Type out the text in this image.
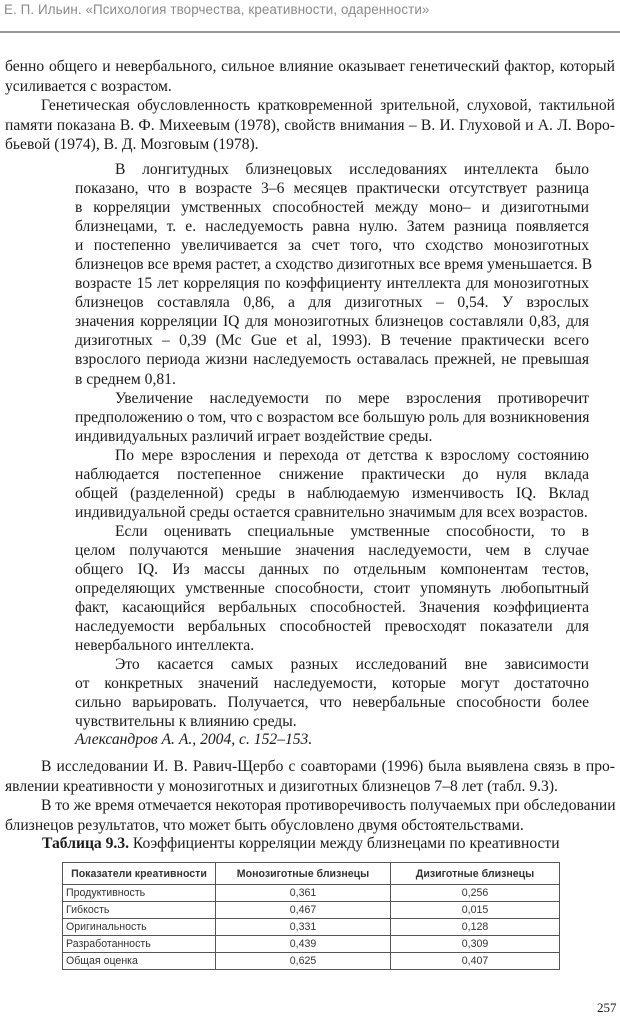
Е. П. Ильин. «Психология творчества, креативности, одаренности»
бенно общего и невербального, сильное влияние оказывает генетический фактор, который
усиливается с возрастом.
Генетическая обусловленность кратковременной зрительной, слуховой, тактильной
памяти показана В. Ф. Михеевым (1978), свойств внимания – В. И. Глуховой и А. Л. Воро-
бьевой (1974), В. Д. Мозговым (1978).
В лонгитудных близнецовых исследованиях интеллекта было
показано, что в возрасте 3–6 месяцев практически отсутствует разница
в корреляции умственных способностей между моно– и дизиготными
близнецами, т. е. наследуемость равна нулю. Затем разница появляется
и постепенно увеличивается за счет того, что сходство монозиготных
близнецов все время растет, а сходство дизиготных все время уменьшается. В
возрасте 15 лет корреляция по коэффициенту интеллекта для монозиготных
близнецов составляла 0,86, а для дизиготных – 0,54. У взрослых
значения корреляции IQ для монозиготных близнецов составляли 0,83, для
дизиготных – 0,39 (Mc Gue et al, 1993). В течение практически всего
взрослого периода жизни наследуемость оставалась прежней, не превышая
в среднем 0,81.
Увеличение наследуемости по мере взросления противоречит
предположению о том, что с возрастом все большую роль для возникновения
индивидуальных различий играет воздействие среды.
По мере взросления и перехода от детства к взрослому состоянию
наблюдается постепенное снижение практически до нуля вклада
общей (разделенной) среды в наблюдаемую изменчивость IQ. Вклад
индивидуальной среды остается сравнительно значимым для всех возрастов.
Если оценивать специальные умственные способности, то в
целом получаются меньшие значения наследуемости, чем в случае
общего IQ. Из массы данных по отдельным компонентам тестов,
определяющих умственные способности, стоит упомянуть любопытный
факт, касающийся вербальных способностей. Значения коэффициента
наследуемости вербальных способностей превосходят показатели для
невербального интеллекта.
Это касается самых разных исследований вне зависимости
от конкретных значений наследуемости, которые могут достаточно
сильно варьировать. Получается, что невербальные способности более
чувствительны к влиянию среды.
Александров А. А., 2004, с. 152–153.
В исследовании И. В. Равич-Щербо с соавторами (1996) была выявлена связь в про-
явлении креативности у монозиготных и дизиготных близнецов 7–8 лет (табл. 9.3).
В то же время отмечается некоторая противоречивость получаемых при обследовании
близнецов результатов, что может быть обусловлено двумя обстоятельствами.
Таблица 9.3. Коэффициенты корреляции между близнецами по креативности
Показатели креативности	Монозиготные близнецы	Дизиготные близнецы
Продуктивность	0,361	0,256
Гибкость	0,467	0,015
Оригинальность	0,331	0,128
Разработанность	0,439	0,309
Общая оценка	0,625	0,407
257
